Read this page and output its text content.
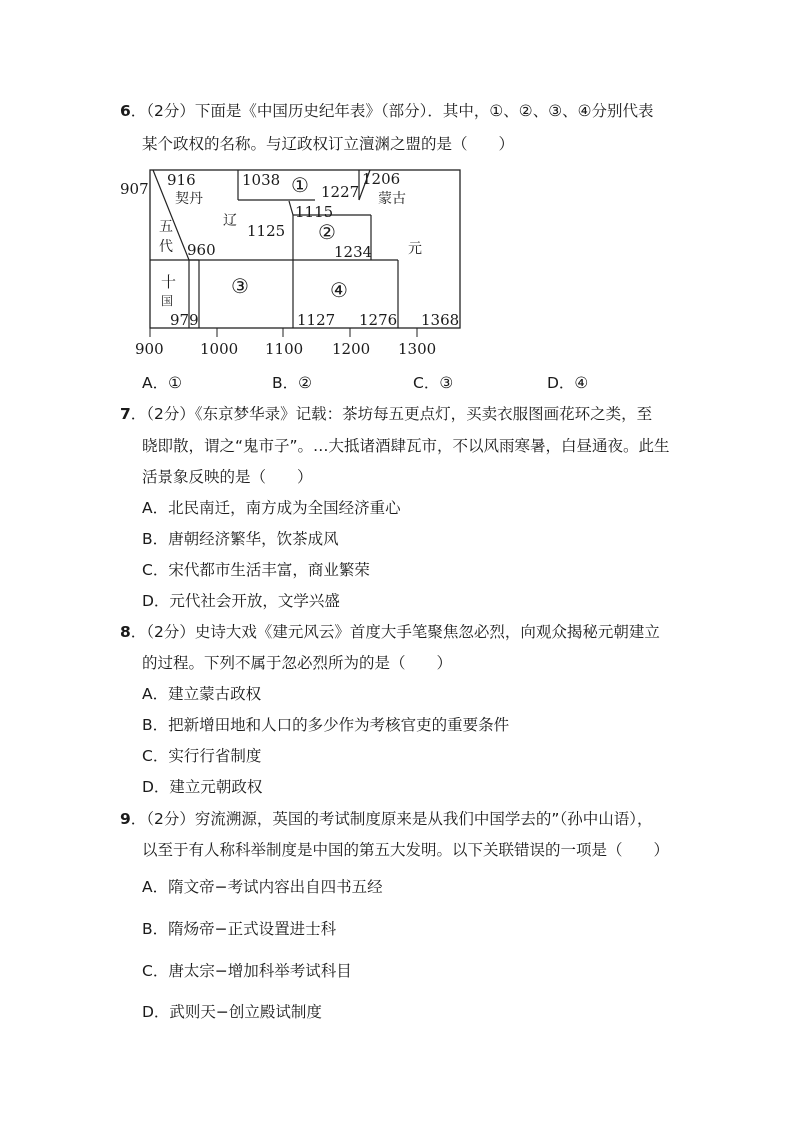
6．（2分）下面是《中国历史纪年表》（部分）．其中，①、②、③、④分别代表
某个政权的名称。与辽政权订立澶渊之盟的是（　　）
907 916
契丹
辽
1038 ① 1227
1206
蒙古
1115
②
1234	元
1125
五
代 960
十
国
979
③	④
1127 1276 1368
900 1000 1100 1200 1300
A．①	B．②	C．③	D．④
7．（2分）《东京梦华录》记载：茶坊每五更点灯，买卖衣服图画花环之类，至
晓即散，谓之“鬼市子”。…大抵诸酒肆瓦市，不以风雨寒暑，白昼通夜。此生
活景象反映的是（　　）
A．北民南迁，南方成为全国经济重心
B．唐朝经济繁华，饮茶成风
C．宋代都市生活丰富，商业繁荣
D．元代社会开放，文学兴盛
8．（2分）史诗大戏《建元风云》首度大手笔聚焦忽必烈，向观众揭秘元朝建立
的过程。下列不属于忽必烈所为的是（　　）
A．建立蒙古政权
B．把新增田地和人口的多少作为考核官吏的重要条件
C．实行行省制度
D．建立元朝政权
9．（2分）穷流溯源，英国的考试制度原来是从我们中国学去的”（孙中山语），
以至于有人称科举制度是中国的第五大发明。以下关联错误的一项是（　　）
A．隋文帝−考试内容出自四书五经
B．隋炀帝−正式设置进士科
C．唐太宗−增加科举考试科目
D．武则天−创立殿试制度
